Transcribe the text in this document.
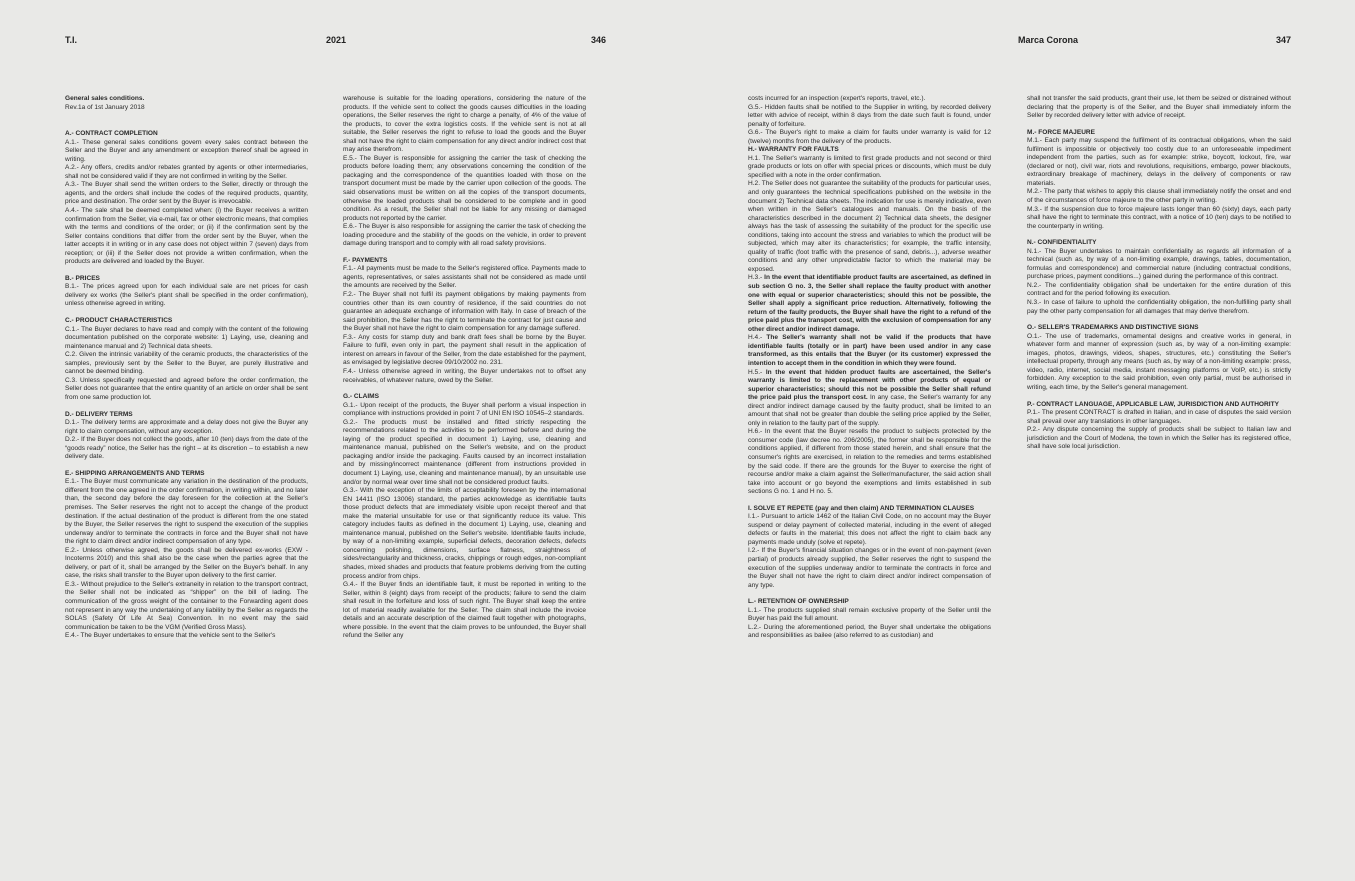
T.I.	2021	346	Marca Corona	347

General sales conditions.

Rev.1a of 1st January 2018

A.- CONTRACT COMPLETION

A.1.- These general sales conditions govern every sales contract between the Seller and the Buyer and any amendment or exception thereof shall be agreed in writing.

A.2.- Any offers, credits and/or rebates granted by agents or other intermediaries, shall not be considered valid if they are not confirmed in writing by the Seller.

A.3.- The Buyer shall send the written orders to the Seller, directly or through the agents, and the orders shall include the codes of the required products, quantity, price and destination. The order sent by the Buyer is irrevocable.

A.4.- The sale shall be deemed completed when: (i) the Buyer receives a written confirmation from the Seller, via e-mail, fax or other electronic means, that complies with the terms and conditions of the order; or (ii) if the confirmation sent by the Seller contains conditions that differ from the order sent by the Buyer, when the latter accepts it in writing or in any case does not object within 7 (seven) days from reception; or (iii) if the Seller does not provide a written confirmation, when the products are delivered and loaded by the Buyer.

B.- PRICES

B.1.- The prices agreed upon for each individual sale are net prices for cash delivery ex works (the Seller's plant shall be specified in the order confirmation), unless otherwise agreed in writing.

C.- PRODUCT CHARACTERISTICS

C.1.- The Buyer declares to have read and comply with the content of the following documentation published on the corporate website: 1) Laying, use, cleaning and maintenance manual and 2) Technical data sheets.

C.2. Given the intrinsic variability of the ceramic products, the characteristics of the samples, previously sent by the Seller to the Buyer, are purely illustrative and cannot be deemed binding.

C.3. Unless specifically requested and agreed before the order confirmation, the Seller does not guarantee that the entire quantity of an article on order shall be sent from one same production lot.

D.- DELIVERY TERMS

D.1.- The delivery terms are approximate and a delay does not give the Buyer any right to claim compensation, without any exception.

D.2.- If the Buyer does not collect the goods, after 10 (ten) days from the date of the “goods ready” notice, the Seller has the right – at its discretion – to establish a new delivery date.

E.- SHIPPING ARRANGEMENTS AND TERMS

E.1.- The Buyer must communicate any variation in the destination of the products, different from the one agreed in the order confirmation, in writing within, and no later than, the second day before the day foreseen for the collection at the Seller's premises. The Seller reserves the right not to accept the change of the product destination. If the actual destination of the product is different from the one stated by the Buyer, the Seller reserves the right to suspend the execution of the supplies underway and/or to terminate the contracts in force and the Buyer shall not have the right to claim direct and/or indirect compensation of any type.

E.2.- Unless otherwise agreed, the goods shall be delivered ex-works (EXW - Incoterms 2010) and this shall also be the case when the parties agree that the delivery, or part of it, shall be arranged by the Seller on the Buyer's behalf. In any case, the risks shall transfer to the Buyer upon delivery to the first carrier.

E.3.- Without prejudice to the Seller's extraneity in relation to the transport contract, the Seller shall not be indicated as “shipper” on the bill of lading. The communication of the gross weight of the container to the Forwarding agent does not represent in any way the undertaking of any liability by the Seller as regards the SOLAS (Safety Of Life At Sea) Convention. In no event may the said communication be taken to be the VGM (Verified Gross Mass).

E.4.- The Buyer undertakes to ensure that the vehicle sent to the Seller's

warehouse is suitable for the loading operations, considering the nature of the products. If the vehicle sent to collect the goods causes difficulties in the loading operations, the Seller reserves the right to charge a penalty, of 4% of the value of the products, to cover the extra logistics costs. If the vehicle sent is not at all suitable, the Seller reserves the right to refuse to load the goods and the Buyer shall not have the right to claim compensation for any direct and/or indirect cost that may arise therefrom.

E.5.- The Buyer is responsible for assigning the carrier the task of checking the products before loading them; any observations concerning the condition of the packaging and the correspondence of the quantities loaded with those on the transport document must be made by the carrier upon collection of the goods. The said observations must be written on all the copies of the transport documents, otherwise the loaded products shall be considered to be complete and in good condition. As a result, the Seller shall not be liable for any missing or damaged products not reported by the carrier.

E.6.- The Buyer is also responsible for assigning the carrier the task of checking the loading procedure and the stability of the goods on the vehicle, in order to prevent damage during transport and to comply with all road safety provisions.

F.- PAYMENTS

F.1.- All payments must be made to the Seller's registered office. Payments made to agents, representatives, or sales assistants shall not be considered as made until the amounts are received by the Seller.

F.2.- The Buyer shall not fulfil its payment obligations by making payments from countries other than its own country of residence, if the said countries do not guarantee an adequate exchange of information with Italy. In case of breach of the said prohibition, the Seller has the right to terminate the contract for just cause and the Buyer shall not have the right to claim compensation for any damage suffered.

F.3.- Any costs for stamp duty and bank draft fees shall be borne by the Buyer. Failure to fulfil, even only in part, the payment shall result in the application of interest on arrears in favour of the Seller, from the date established for the payment, as envisaged by legislative decree 09/10/2002 no. 231.

F.4.- Unless otherwise agreed in writing, the Buyer undertakes not to offset any receivables, of whatever nature, owed by the Seller.

G.- CLAIMS

G.1.- Upon receipt of the products, the Buyer shall perform a visual inspection in compliance with instructions provided in point 7 of UNI EN ISO 10545–2 standards.

G.2.- The products must be installed and fitted strictly respecting the recommendations related to the activities to be performed before and during the laying of the product specified in document 1) Laying, use, cleaning and maintenance manual, published on the Seller's website, and on the product packaging and/or inside the packaging. Faults caused by an incorrect installation and by missing/incorrect maintenance (different from instructions provided in document 1) Laying, use, cleaning and maintenance manual), by an unsuitable use and/or by normal wear over time shall not be considered product faults.

G.3.- With the exception of the limits of acceptability foreseen by the international EN 14411 (ISO 13006) standard, the parties acknowledge as identifiable faults those product defects that are immediately visible upon receipt thereof and that make the material unsuitable for use or that significantly reduce its value. This category includes faults as defined in the document 1) Laying, use, cleaning and maintenance manual, published on the Seller's website. Identifiable faults include, by way of a non-limiting example, superficial defects, decoration defects, defects concerning polishing, dimensions, surface flatness, straightness of sides/rectangularity and thickness, cracks, chippings or rough edges, non-compliant shades, mixed shades and products that feature problems deriving from the cutting process and/or from chips.

G.4.- If the Buyer finds an identifiable fault, it must be reported in writing to the Seller, within 8 (eight) days from receipt of the products; failure to send the claim shall result in the forfeiture and loss of such right. The Buyer shall keep the entire lot of material readily available for the Seller. The claim shall include the invoice details and an accurate description of the claimed fault together with photographs, where possible. In the event that the claim proves to be unfounded, the Buyer shall refund the Seller any

costs incurred for an inspection (expert's reports, travel, etc.).

G.5.- Hidden faults shall be notified to the Supplier in writing, by recorded delivery letter with advice of receipt, within 8 days from the date such fault is found, under penalty of forfeiture.

G.6.- The Buyer's right to make a claim for faults under warranty is valid for 12 (twelve) months from the delivery of the products.

H.- WARRANTY FOR FAULTS

H.1. The Seller's warranty is limited to first grade products and not second or third grade products or lots on offer with special prices or discounts, which must be duly specified with a note in the order confirmation.

H.2. The Seller does not guarantee the suitability of the products for particular uses, and only guarantees the technical specifications published on the website in the document 2) Technical data sheets. The indication for use is merely indicative, even when written in the Seller's catalogues and manuals. On the basis of the characteristics described in the document 2) Technical data sheets, the designer always has the task of assessing the suitability of the product for the specific use conditions, taking into account the stress and variables to which the product will be subjected, which may alter its characteristics; for example, the traffic intensity, quality of traffic (foot traffic with the presence of sand, debris...), adverse weather conditions and any other unpredictable factor to which the material may be exposed.

H.3.- In the event that identifiable product faults are ascertained, as defined in sub section G no. 3, the Seller shall replace the faulty product with another one with equal or superior characteristics; should this not be possible, the Seller shall apply a significant price reduction. Alternatively, following the return of the faulty products, the Buyer shall have the right to a refund of the price paid plus the transport cost, with the exclusion of compensation for any other direct and/or indirect damage.

H.4.- The Seller's warranty shall not be valid if the products that have identifiable faults (totally or in part) have been used and/or in any case transformed, as this entails that the Buyer (or its customer) expressed the intention to accept them in the condition in which they were found.

H.5.- In the event that hidden product faults are ascertained, the Seller's warranty is limited to the replacement with other products of equal or superior characteristics; should this not be possible the Seller shall refund the price paid plus the transport cost. In any case, the Seller's warranty for any direct and/or indirect damage caused by the faulty product, shall be limited to an amount that shall not be greater than double the selling price applied by the Seller, only in relation to the faulty part of the supply.

H.6.- In the event that the Buyer resells the product to subjects protected by the consumer code (law decree no. 206/2005), the former shall be responsible for the conditions applied, if different from those stated herein, and shall ensure that the consumer's rights are exercised, in relation to the remedies and terms established by the said code. If there are the grounds for the Buyer to exercise the right of recourse and/or make a claim against the Seller/manufacturer, the said action shall take into account or go beyond the exemptions and limits established in sub sections G no. 1 and H no. 5.

I. SOLVE ET REPETE (pay and then claim) AND TERMINATION CLAUSES

I.1.- Pursuant to article 1462 of the Italian Civil Code, on no account may the Buyer suspend or delay payment of collected material, including in the event of alleged defects or faults in the material; this does not affect the right to claim back any payments made unduly (solve et repete).

I.2.- If the Buyer's financial situation changes or in the event of non-payment (even partial) of products already supplied, the Seller reserves the right to suspend the execution of the supplies underway and/or to terminate the contracts in force and the Buyer shall not have the right to claim direct and/or indirect compensation of any type.

L.- RETENTION OF OWNERSHIP

L.1.- The products supplied shall remain exclusive property of the Seller until the Buyer has paid the full amount.

L.2.- During the aforementioned period, the Buyer shall undertake the obligations and responsibilities as bailee (also referred to as custodian) and

shall not transfer the said products, grant their use, let them be seized or distrained without declaring that the property is of the Seller, and the Buyer shall immediately inform the Seller by recorded delivery letter with advice of receipt.

M.- FORCE MAJEURE

M.1.- Each party may suspend the fulfilment of its contractual obligations, when the said fulfilment is impossible or objectively too costly due to an unforeseeable impediment independent from the parties, such as for example: strike, boycott, lockout, fire, war (declared or not), civil war, riots and revolutions, requisitions, embargo, power blackouts, extraordinary breakage of machinery, delays in the delivery of components or raw materials.

M.2.- The party that wishes to apply this clause shall immediately notify the onset and end of the circumstances of force majeure to the other party in writing.

M.3.- If the suspension due to force majeure lasts longer than 60 (sixty) days, each party shall have the right to terminate this contract, with a notice of 10 (ten) days to be notified to the counterparty in writing.

N.- CONFIDENTIALITY

N.1.- The Buyer undertakes to maintain confidentiality as regards all information of a technical (such as, by way of a non-limiting example, drawings, tables, documentation, formulas and correspondence) and commercial nature (including contractual conditions, purchase prices, payment conditions...) gained during the performance of this contract.

N.2.- The confidentiality obligation shall be undertaken for the entire duration of this contract and for the period following its execution.

N.3.- In case of failure to uphold the confidentiality obligation, the non-fulfilling party shall pay the other party compensation for all damages that may derive therefrom.

O.- SELLER'S TRADEMARKS AND DISTINCTIVE SIGNS

O.1.- The use of trademarks, ornamental designs and creative works in general, in whatever form and manner of expression (such as, by way of a non-limiting example: images, photos, drawings, videos, shapes, structures, etc.) constituting the Seller's intellectual property, through any means (such as, by way of a non-limiting example: press, video, radio, internet, social media, instant messaging platforms or VoIP, etc.) is strictly forbidden. Any exception to the said prohibition, even only partial, must be authorised in writing, each time, by the Seller's general management.

P.- CONTRACT LANGUAGE, APPLICABLE LAW, JURISDICTION AND AUTHORITY

P.1.- The present CONTRACT is drafted in Italian, and in case of disputes the said version shall prevail over any translations in other languages.

P.2.- Any dispute concerning the supply of products shall be subject to Italian law and jurisdiction and the Court of Modena, the town in which the Seller has its registered office, shall have sole local jurisdiction.
